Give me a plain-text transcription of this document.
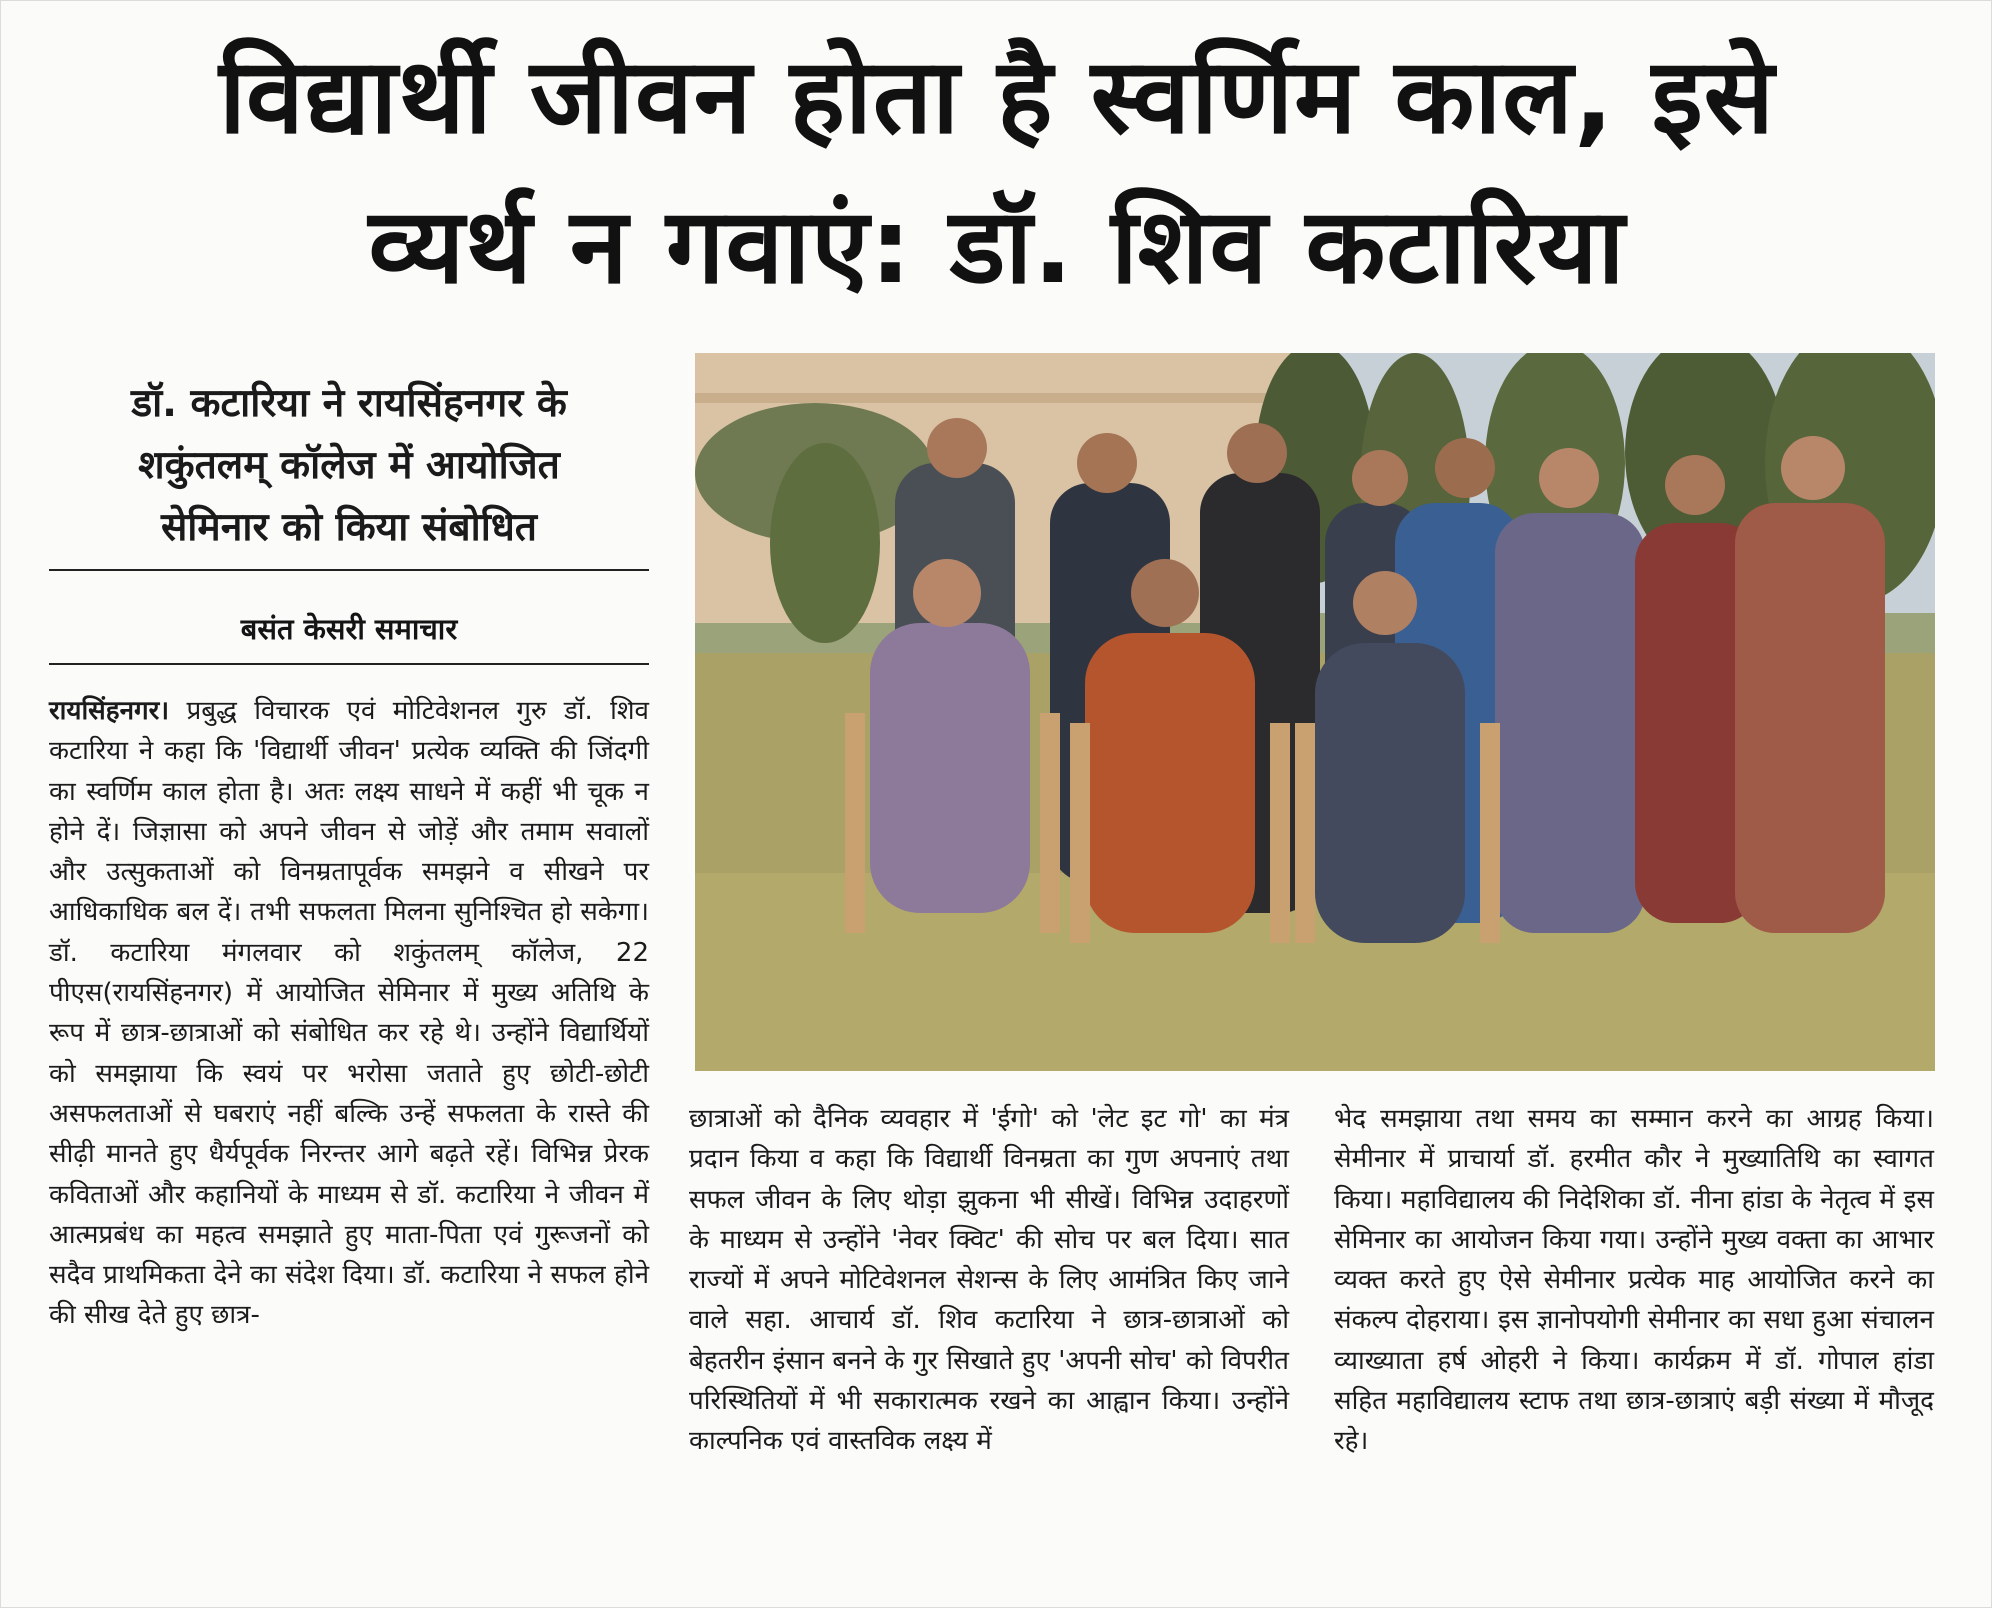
विद्यार्थी जीवन होता है स्वर्णिम काल, इसे
व्यर्थ न गवाएं: डॉ. शिव कटारिया
डॉ. कटारिया ने रायसिंहनगर के
शकुंतलम् कॉलेज में आयोजित
सेमिनार को किया संबोधित
बसंत केसरी समाचार

रायसिंहनगर। प्रबुद्ध विचारक एवं मोटिवेशनल गुरु डॉ. शिव कटारिया ने कहा कि 'विद्यार्थी जीवन' प्रत्येक व्यक्ति की जिंदगी का स्वर्णिम काल होता है। अतः लक्ष्य साधने में कहीं भी चूक न होने दें। जिज्ञासा को अपने जीवन से जोड़ें और तमाम सवालों और उत्सुकताओं को विनम्रतापूर्वक समझने व सीखने पर आधिकाधिक बल दें। तभी सफलता मिलना सुनिश्चित हो सकेगा। डॉ. कटारिया मंगलवार को शकुंतलम् कॉलेज, 22 पीएस(रायसिंहनगर) में आयोजित सेमिनार में मुख्य अतिथि के रूप में छात्र-छात्राओं को संबोधित कर रहे थे। उन्होंने विद्यार्थियों को समझाया कि स्वयं पर भरोसा जताते हुए छोटी-छोटी असफलताओं से घबराएं नहीं बल्कि उन्हें सफलता के रास्ते की सीढ़ी मानते हुए धैर्यपूर्वक निरन्तर आगे बढ़ते रहें। विभिन्न प्रेरक कविताओं और कहानियों के माध्यम से डॉ. कटारिया ने जीवन में आत्मप्रबंध का महत्व समझाते हुए माता-पिता एवं गुरूजनों को सदैव प्राथमिकता देने का संदेश दिया। डॉ. कटारिया ने सफल होने की सीख देते हुए छात्र-

छात्राओं को दैनिक व्यवहार में 'ईगो' को 'लेट इट गो' का मंत्र प्रदान किया व कहा कि विद्यार्थी विनम्रता का गुण अपनाएं तथा सफल जीवन के लिए थोड़ा झुकना भी सीखें। विभिन्न उदाहरणों के माध्यम से उन्होंने 'नेवर क्विट' की सोच पर बल दिया। सात राज्यों में अपने मोटिवेशनल सेशन्स के लिए आमंत्रित किए जाने वाले सहा. आचार्य डॉ. शिव कटारिया ने छात्र-छात्राओं को बेहतरीन इंसान बनने के गुर सिखाते हुए 'अपनी सोच' को विपरीत परिस्थितियों में भी सकारात्मक रखने का आह्वान किया। उन्होंने काल्पनिक एवं वास्तविक लक्ष्य में

भेद समझाया तथा समय का सम्मान करने का आग्रह किया। सेमीनार में प्राचार्या डॉ. हरमीत कौर ने मुख्यातिथि का स्वागत किया। महाविद्यालय की निदेशिका डॉ. नीना हांडा के नेतृत्व में इस सेमिनार का आयोजन किया गया। उन्होंने मुख्य वक्ता का आभार व्यक्त करते हुए ऐसे सेमीनार प्रत्येक माह आयोजित करने का संकल्प दोहराया। इस ज्ञानोपयोगी सेमीनार का सधा हुआ संचालन व्याख्याता हर्ष ओहरी ने किया। कार्यक्रम में डॉ. गोपाल हांडा सहित महाविद्यालय स्टाफ तथा छात्र-छात्राएं बड़ी संख्या में मौजूद रहे।
